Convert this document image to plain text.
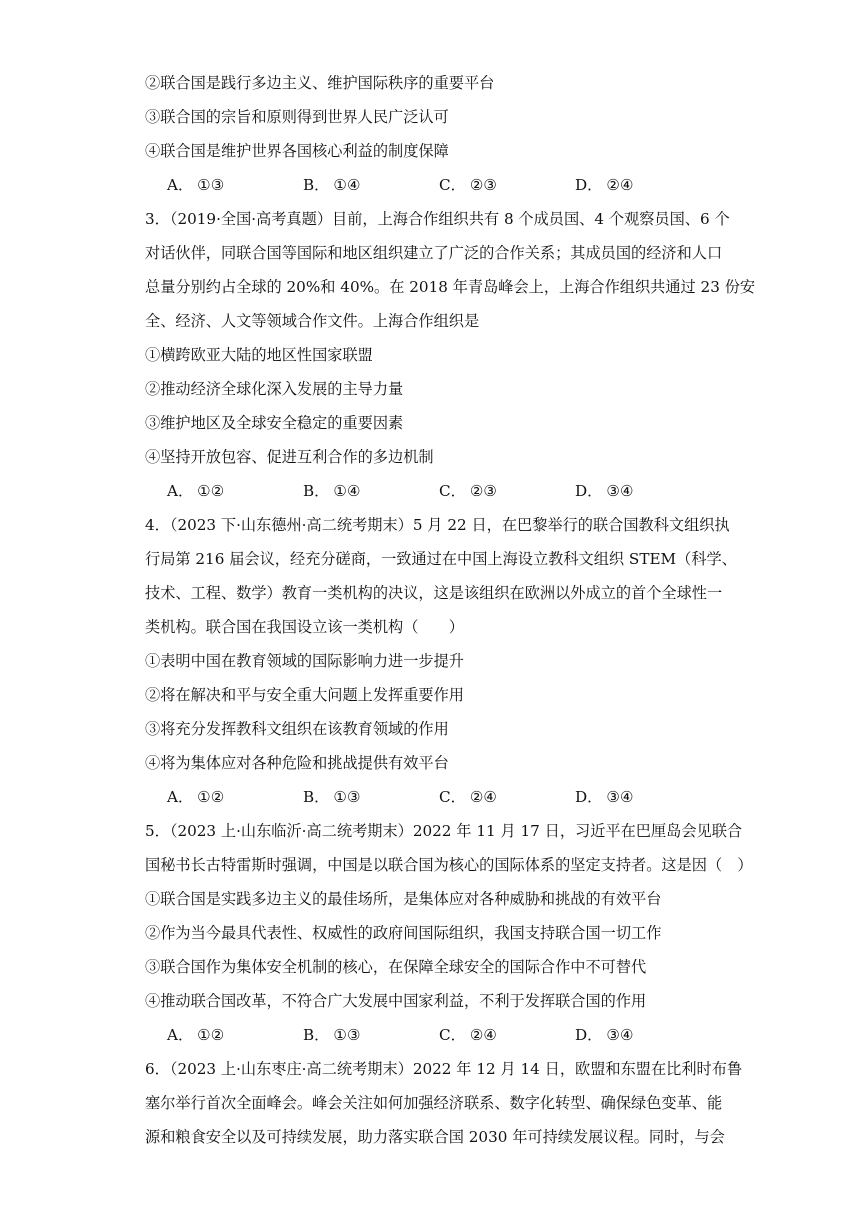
②联合国是践行多边主义、维护国际秩序的重要平台
③联合国的宗旨和原则得到世界人民广泛认可
④联合国是维护世界各国核心利益的制度保障
A． ①③	B． ①④	C． ②③	D． ②④
3．（2019·全国·高考真题）目前，上海合作组织共有 8 个成员国、4 个观察员国、6 个
对话伙伴，同联合国等国际和地区组织建立了广泛的合作关系；其成员国的经济和人口
总量分别约占全球的 20%和 40%。在 2018 年青岛峰会上，上海合作组织共通过 23 份安
全、经济、人文等领域合作文件。上海合作组织是
①横跨欧亚大陆的地区性国家联盟
②推动经济全球化深入发展的主导力量
③维护地区及全球安全稳定的重要因素
④坚持开放包容、促进互利合作的多边机制
A． ①②	B． ①④	C． ②③	D． ③④
4．（2023 下·山东德州·高二统考期末）5 月 22 日，在巴黎举行的联合国教科文组织执
行局第 216 届会议，经充分磋商，一致通过在中国上海设立教科文组织 STEM（科学、
技术、工程、数学）教育一类机构的决议，这是该组织在欧洲以外成立的首个全球性一
类机构。联合国在我国设立该一类机构（　　）
①表明中国在教育领域的国际影响力进一步提升
②将在解决和平与安全重大问题上发挥重要作用
③将充分发挥教科文组织在该教育领域的作用
④将为集体应对各种危险和挑战提供有效平台
A． ①②	B． ①③	C． ②④	D． ③④
5．（2023 上·山东临沂·高二统考期末）2022 年 11 月 17 日，习近平在巴厘岛会见联合
国秘书长古特雷斯时强调，中国是以联合国为核心的国际体系的坚定支持者。这是因（　）
①联合国是实践多边主义的最佳场所，是集体应对各种威胁和挑战的有效平台
②作为当今最具代表性、权威性的政府间国际组织，我国支持联合国一切工作
③联合国作为集体安全机制的核心，在保障全球安全的国际合作中不可替代
④推动联合国改革，不符合广大发展中国家利益，不利于发挥联合国的作用
A． ①②	B． ①③	C． ②④	D． ③④
6．（2023 上·山东枣庄·高二统考期末）2022 年 12 月 14 日，欧盟和东盟在比利时布鲁
塞尔举行首次全面峰会。峰会关注如何加强经济联系、数字化转型、确保绿色变革、能
源和粮食安全以及可持续发展，助力落实联合国 2030 年可持续发展议程。同时，与会
